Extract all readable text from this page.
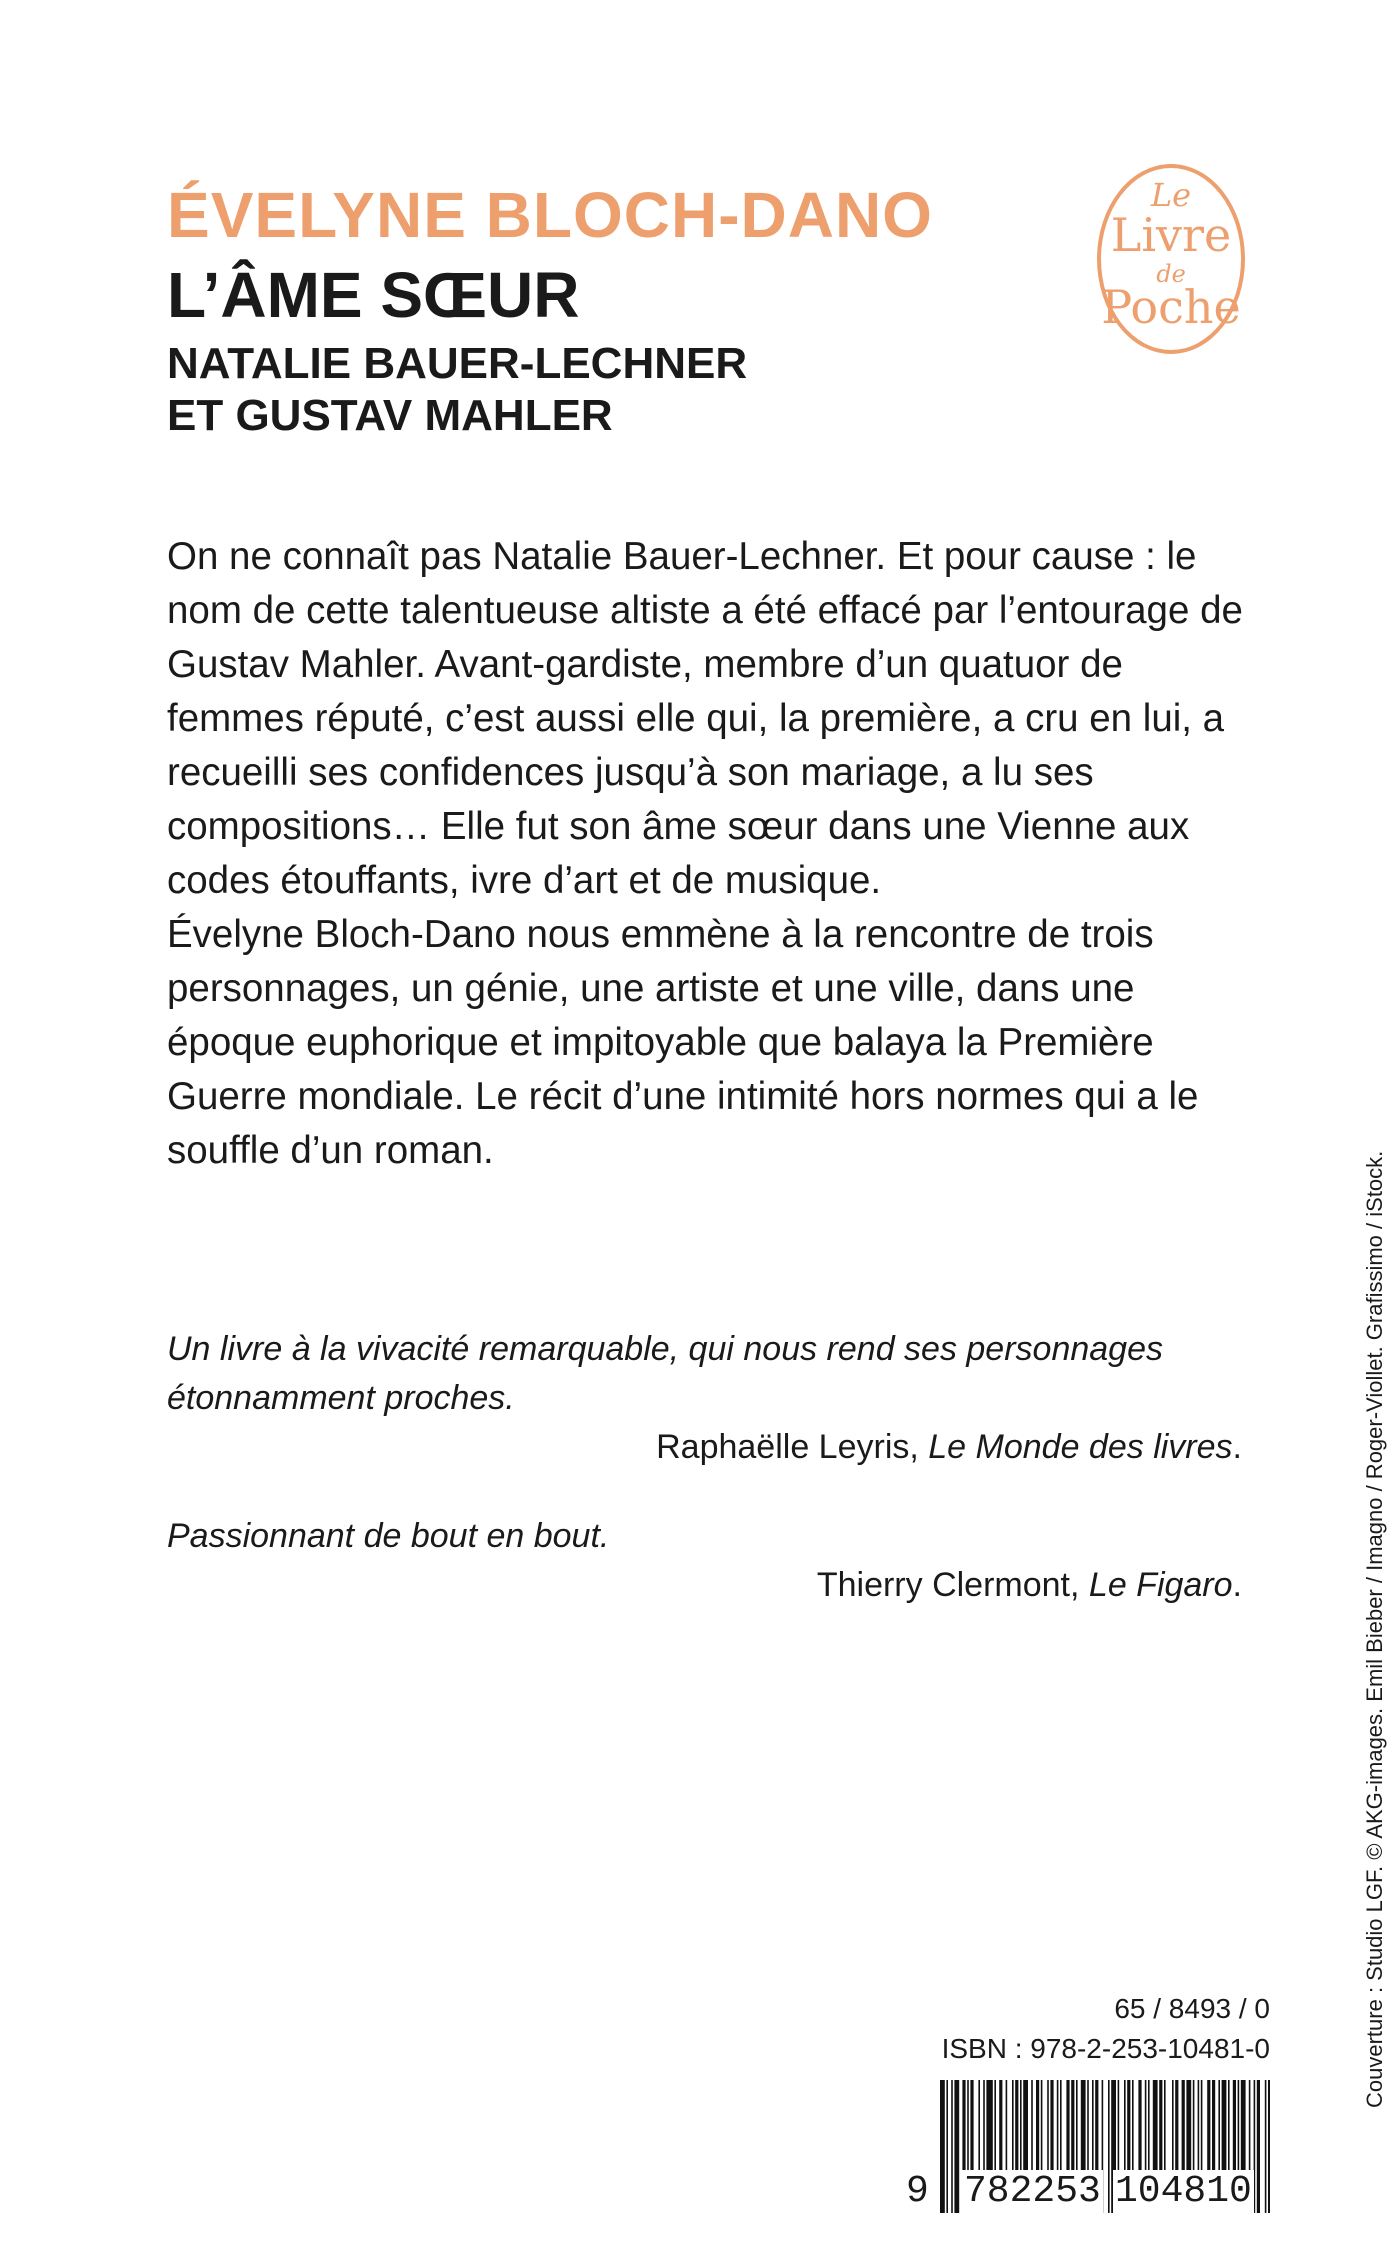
ÉVELYNE BLOCH-DANO
L’ÂME SŒUR
NATALIE BAUER-LECHNER
ET GUSTAV MAHLER
Le
Livre
de
Poche

On ne connaît pas Natalie Bauer-Lechner. Et pour cause : le nom de cette talentueuse altiste a été effacé par l’entourage de Gustav Mahler. Avant-gardiste, membre d’un quatuor de femmes réputé, c’est aussi elle qui, la première, a cru en lui, a recueilli ses confidences jusqu’à son mariage, a lu ses compositions… Elle fut son âme sœur dans une Vienne aux codes étouffants, ivre d’art et de musique.

Évelyne Bloch-Dano nous emmène à la rencontre de trois personnages, un génie, une artiste et une ville, dans une époque euphorique et impitoyable que balaya la Première Guerre mondiale. Le récit d’une intimité hors normes qui a le souffle d’un roman.

Un livre à la vivacité remarquable, qui nous rend ses personnages étonnamment proches.

Raphaëlle Leyris, Le Monde des livres.

Passionnant de bout en bout.

Thierry Clermont, Le Figaro.	Couverture : Studio LGF. © AKG-images. Emil Bieber / Imagno / Roger-Viollet. Grafissimo / iStock.
65 / 8493 / 0
ISBN : 978-2-253-10481-0
9 782253 104810
